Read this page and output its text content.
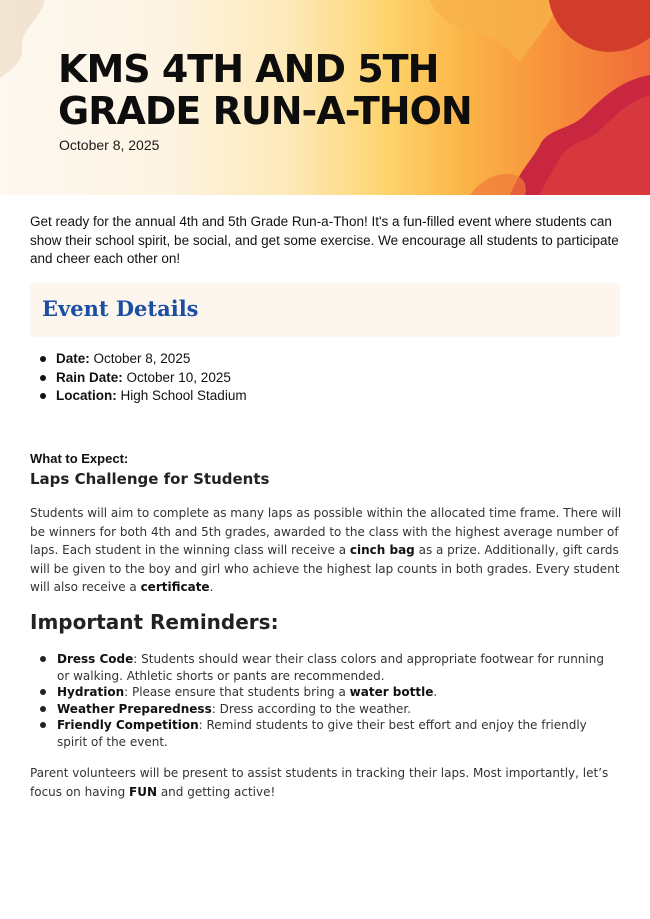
KMS 4TH AND 5TH
GRADE RUN-A-THON
October 8, 2025

Get ready for the annual 4th and 5th Grade Run-a-Thon! It's a fun-filled event where students can show their school spirit, be social, and get some exercise. We encourage all students to participate and cheer each other on!

Event Details
Date: October 8, 2025
Rain Date: October 10, 2025
Location: High School Stadium
What to Expect:
Laps Challenge for Students

Students will aim to complete as many laps as possible within the allocated time frame. There will be winners for both 4th and 5th grades, awarded to the class with the highest average number of laps. Each student in the winning class will receive a cinch bag as a prize. Additionally, gift cards will be given to the boy and girl who achieve the highest lap counts in both grades. Every student will also receive a certificate.

Important Reminders:
Dress Code: Students should wear their class colors and appropriate footwear for running or walking. Athletic shorts or pants are recommended.
Hydration: Please ensure that students bring a water bottle.
Weather Preparedness: Dress according to the weather.
Friendly Competition: Remind students to give their best effort and enjoy the friendly spirit of the event.

Parent volunteers will be present to assist students in tracking their laps. Most importantly, let’s focus on having FUN and getting active!
